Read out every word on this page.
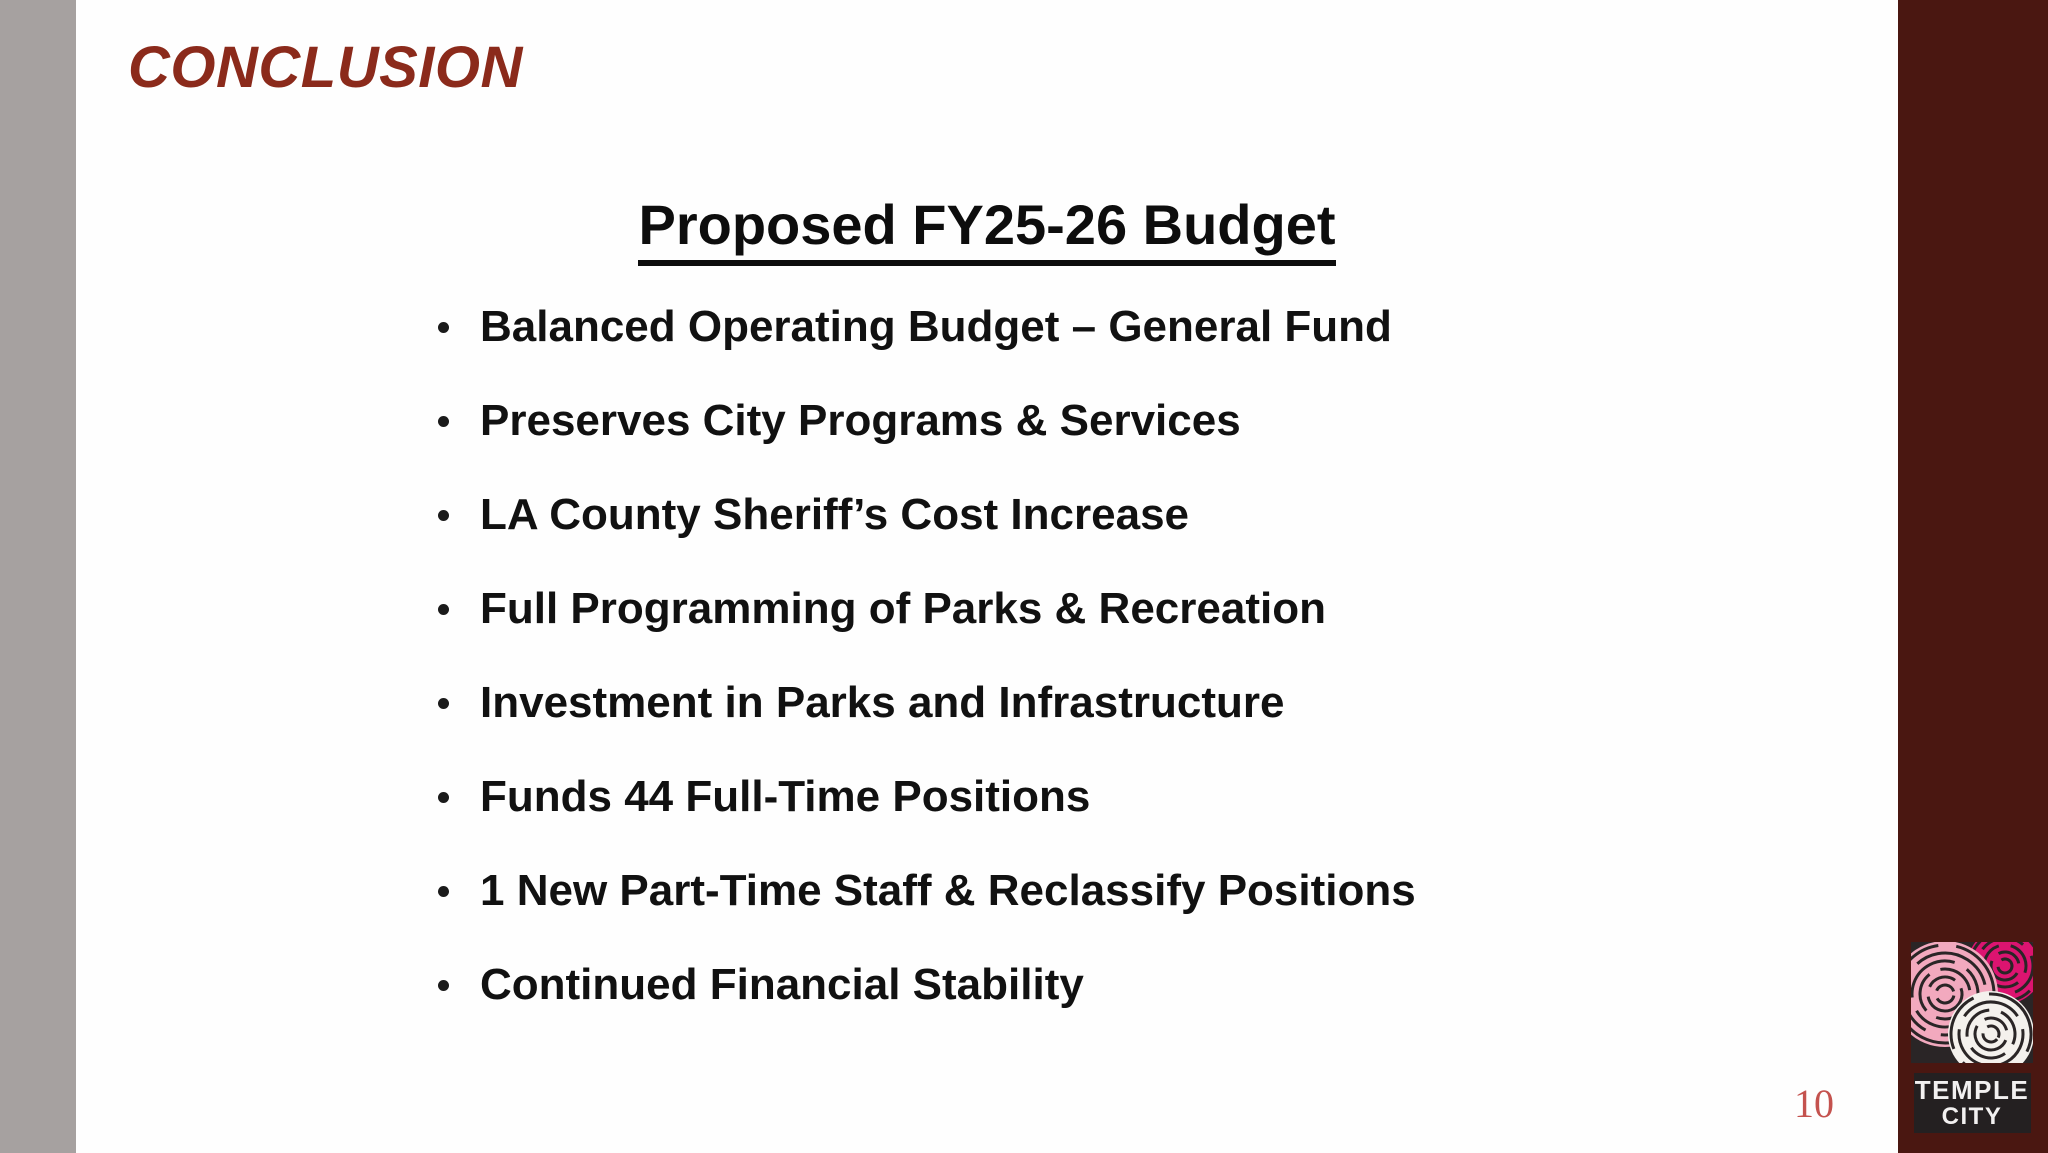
CONCLUSION
Proposed FY25-26 Budget
Balanced Operating Budget – General Fund
Preserves City Programs & Services
LA County Sheriff’s Cost Increase
Full Programming of Parks & Recreation
Investment in Parks and Infrastructure
Funds 44 Full-Time Positions
1 New Part-Time Staff & Reclassify Positions
Continued Financial Stability
10	TEMPLE
CITY
